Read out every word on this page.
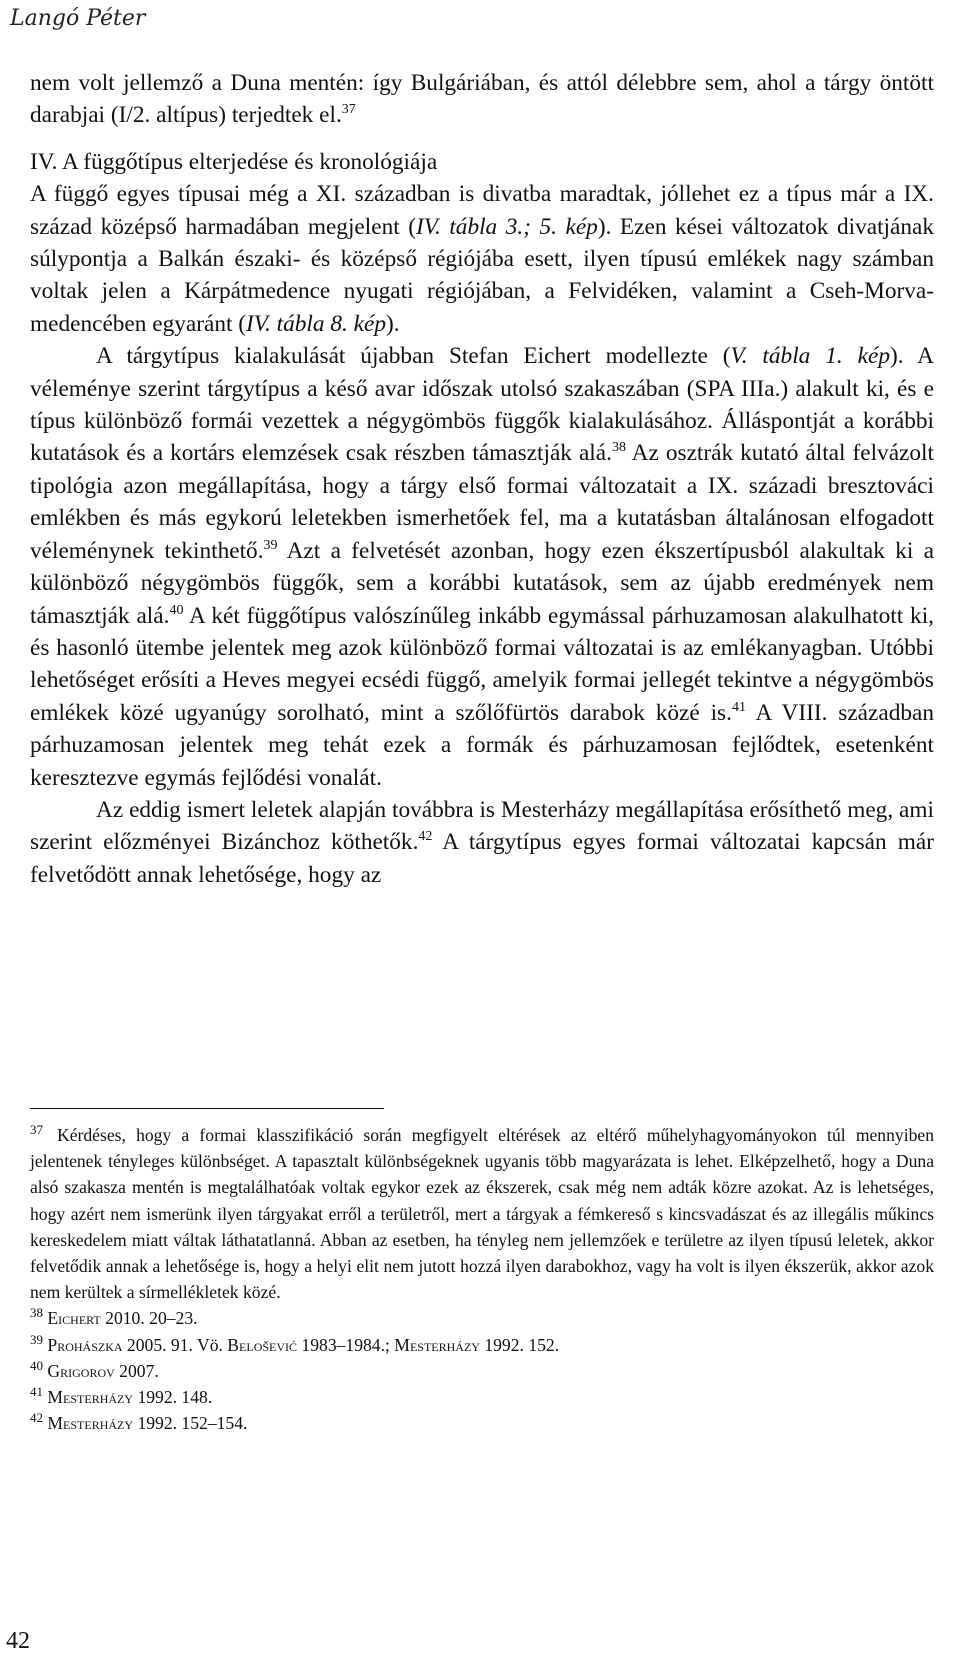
Langó Péter

nem volt jellemző a Duna mentén: így Bulgáriában, és attól délebbre sem, ahol a tárgy öntött darabjai (I/2. altípus) terjedtek el.$^{37}$

IV. A függőtípus elterjedése és kronológiája

A függő egyes típusai még a XI. században is divatba maradtak, jóllehet ez a típus már a IX. század középső harmadában megjelent (IV. tábla 3.; 5. kép). Ezen kései változatok divatjának súlypontja a Balkán északi- és középső régiójába esett, ilyen típusú emlékek nagy számban voltak jelen a Kárpátmedence nyugati régiójában, a Felvidéken, valamint a Cseh-Morvamedencében egyaránt (IV. tábla 8. kép).

A tárgytípus kialakulását újabban Stefan Eichert modellezte (V. tábla 1. kép). A véleménye szerint tárgytípus a késő avar időszak utolsó szakaszában (SPA IIIa.) alakult ki, és e típus különböző formái vezettek a négygömbös függők kialakulásához. Álláspontját a korábbi kutatások és a kortárs elemzések csak részben támasztják alá.$^{38}$ Az osztrák kutató által felvázolt tipológia azon megállapítása, hogy a tárgy első formai változatait a IX. századi bresztováci emlékben és más egykorú leletekben ismerhetőek fel, ma a kutatásban általánosan elfogadott véleménynek tekinthető.$^{39}$ Azt a felvetését azonban, hogy ezen ékszertípusból alakultak ki a különböző négygömbös függők, sem a korábbi kutatások, sem az újabb eredmények nem támasztják alá.$^{40}$ A két függőtípus valószínűleg inkább egymással párhuzamosan alakulhatott ki, és hasonló ütembe jelentek meg azok különböző formai változatai is az emlékanyagban. Utóbbi lehetőséget erősíti a Heves megyei ecsédi függő, amelyik formai jellegét tekintve a négygömbös emlékek közé ugyanúgy sorolható, mint a szőlőfürtös darabok közé is.$^{41}$ A VIII. században párhuzamosan jelentek meg tehát ezek a formák és párhuzamosan fejlődtek, esetenként keresztezve egymás fejlődési vonalát.

Az eddig ismert leletek alapján továbbra is Mesterházy megállapítása erősíthető meg, ami szerint előzményei Bizánchoz köthetők.$^{42}$ A tárgytípus egyes formai változatai kapcsán már felvetődött annak lehetősége, hogy az

$^{37}$ Kérdéses, hogy a formai klasszifikáció során megfigyelt eltérések az eltérő műhelyhagyományokon túl mennyiben jelentenek tényleges különbséget. A tapasztalt különbségeknek ugyanis több magyarázata is lehet. Elképzelhető, hogy a Duna alsó szakasza mentén is megtalálhatóak voltak egykor ezek az ékszerek, csak még nem adták közre azokat. Az is lehetséges, hogy azért nem ismerünk ilyen tárgyakat erről a területről, mert a tárgyak a fémkereső s kincsvadászat és az illegális műkincs kereskedelem miatt váltak láthatatlanná. Abban az esetben, ha tényleg nem jellemzőek e területre az ilyen típusú leletek, akkor felvetődik annak a lehetősége is, hogy a helyi elit nem jutott hozzá ilyen darabokhoz, vagy ha volt is ilyen ékszerük, akkor azok nem kerültek a sírmellékletek közé.

$^{38}$ Eichert 2010. 20–23.

$^{39}$ Prohászka 2005. 91. Vö. Belošević 1983–1984.; Mesterházy 1992. 152.

$^{40}$ Grigorov 2007.

$^{41}$ Mesterházy 1992. 148.

$^{42}$ Mesterházy 1992. 152–154.

42
